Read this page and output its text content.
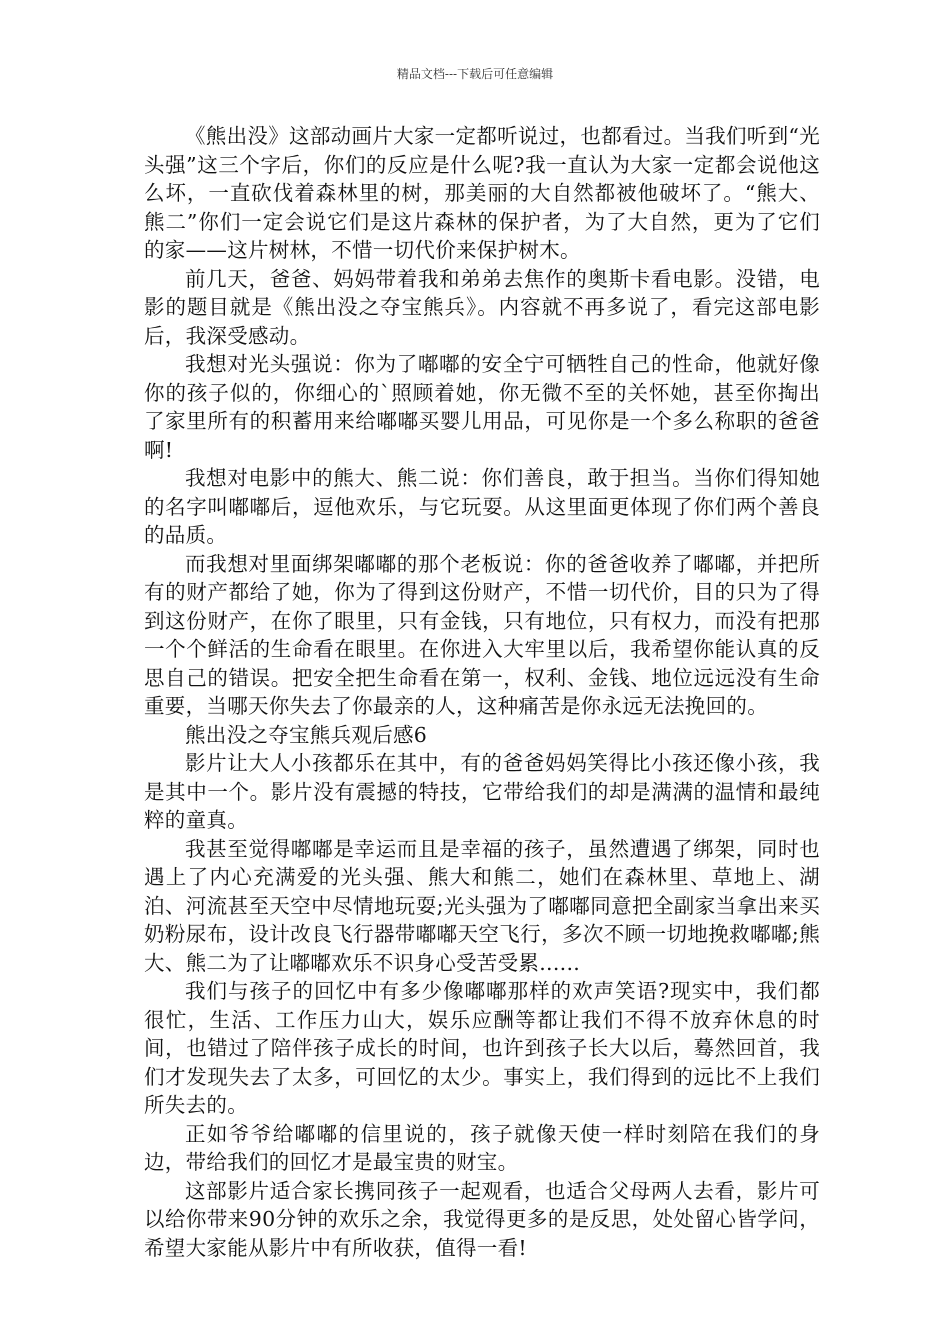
精品文档---下载后可任意编辑

《熊出没》这部动画片大家一定都听说过，也都看过。当我们听到“光头强”这三个字后，你们的反应是什么呢?我一直认为大家一定都会说他这么坏，一直砍伐着森林里的树，那美丽的大自然都被他破坏了。“熊大、熊二”你们一定会说它们是这片森林的保护者，为了大自然，更为了它们的家——这片树林，不惜一切代价来保护树木。

前几天，爸爸、妈妈带着我和弟弟去焦作的奥斯卡看电影。没错，电影的题目就是《熊出没之夺宝熊兵》。内容就不再多说了，看完这部电影后，我深受感动。

我想对光头强说：你为了嘟嘟的安全宁可牺牲自己的性命，他就好像你的孩子似的，你细心的`照顾着她，你无微不至的关怀她，甚至你掏出了家里所有的积蓄用来给嘟嘟买婴儿用品，可见你是一个多么称职的爸爸啊!

我想对电影中的熊大、熊二说：你们善良，敢于担当。当你们得知她的名字叫嘟嘟后，逗他欢乐，与它玩耍。从这里面更体现了你们两个善良的品质。

而我想对里面绑架嘟嘟的那个老板说：你的爸爸收养了嘟嘟，并把所有的财产都给了她，你为了得到这份财产，不惜一切代价，目的只为了得到这份财产，在你了眼里，只有金钱，只有地位，只有权力，而没有把那一个个鲜活的生命看在眼里。在你进入大牢里以后，我希望你能认真的反思自己的错误。把安全把生命看在第一，权利、金钱、地位远远没有生命重要，当哪天你失去了你最亲的人，这种痛苦是你永远无法挽回的。

熊出没之夺宝熊兵观后感6

影片让大人小孩都乐在其中，有的爸爸妈妈笑得比小孩还像小孩，我是其中一个。影片没有震撼的特技，它带给我们的却是满满的温情和最纯粹的童真。

我甚至觉得嘟嘟是幸运而且是幸福的孩子，虽然遭遇了绑架，同时也遇上了内心充满爱的光头强、熊大和熊二，她们在森林里、草地上、湖泊、河流甚至天空中尽情地玩耍;光头强为了嘟嘟同意把全副家当拿出来买奶粉尿布，设计改良飞行器带嘟嘟天空飞行，多次不顾一切地挽救嘟嘟;熊大、熊二为了让嘟嘟欢乐不识身心受苦受累......

我们与孩子的回忆中有多少像嘟嘟那样的欢声笑语?现实中，我们都很忙，生活、工作压力山大，娱乐应酬等都让我们不得不放弃休息的时间，也错过了陪伴孩子成长的时间，也许到孩子长大以后，蓦然回首，我们才发现失去了太多，可回忆的太少。事实上，我们得到的远比不上我们所失去的。

正如爷爷给嘟嘟的信里说的，孩子就像天使一样时刻陪在我们的身边，带给我们的回忆才是最宝贵的财宝。

这部影片适合家长携同孩子一起观看，也适合父母两人去看，影片可以给你带来90分钟的欢乐之余，我觉得更多的是反思，处处留心皆学问，希望大家能从影片中有所收获，值得一看!
